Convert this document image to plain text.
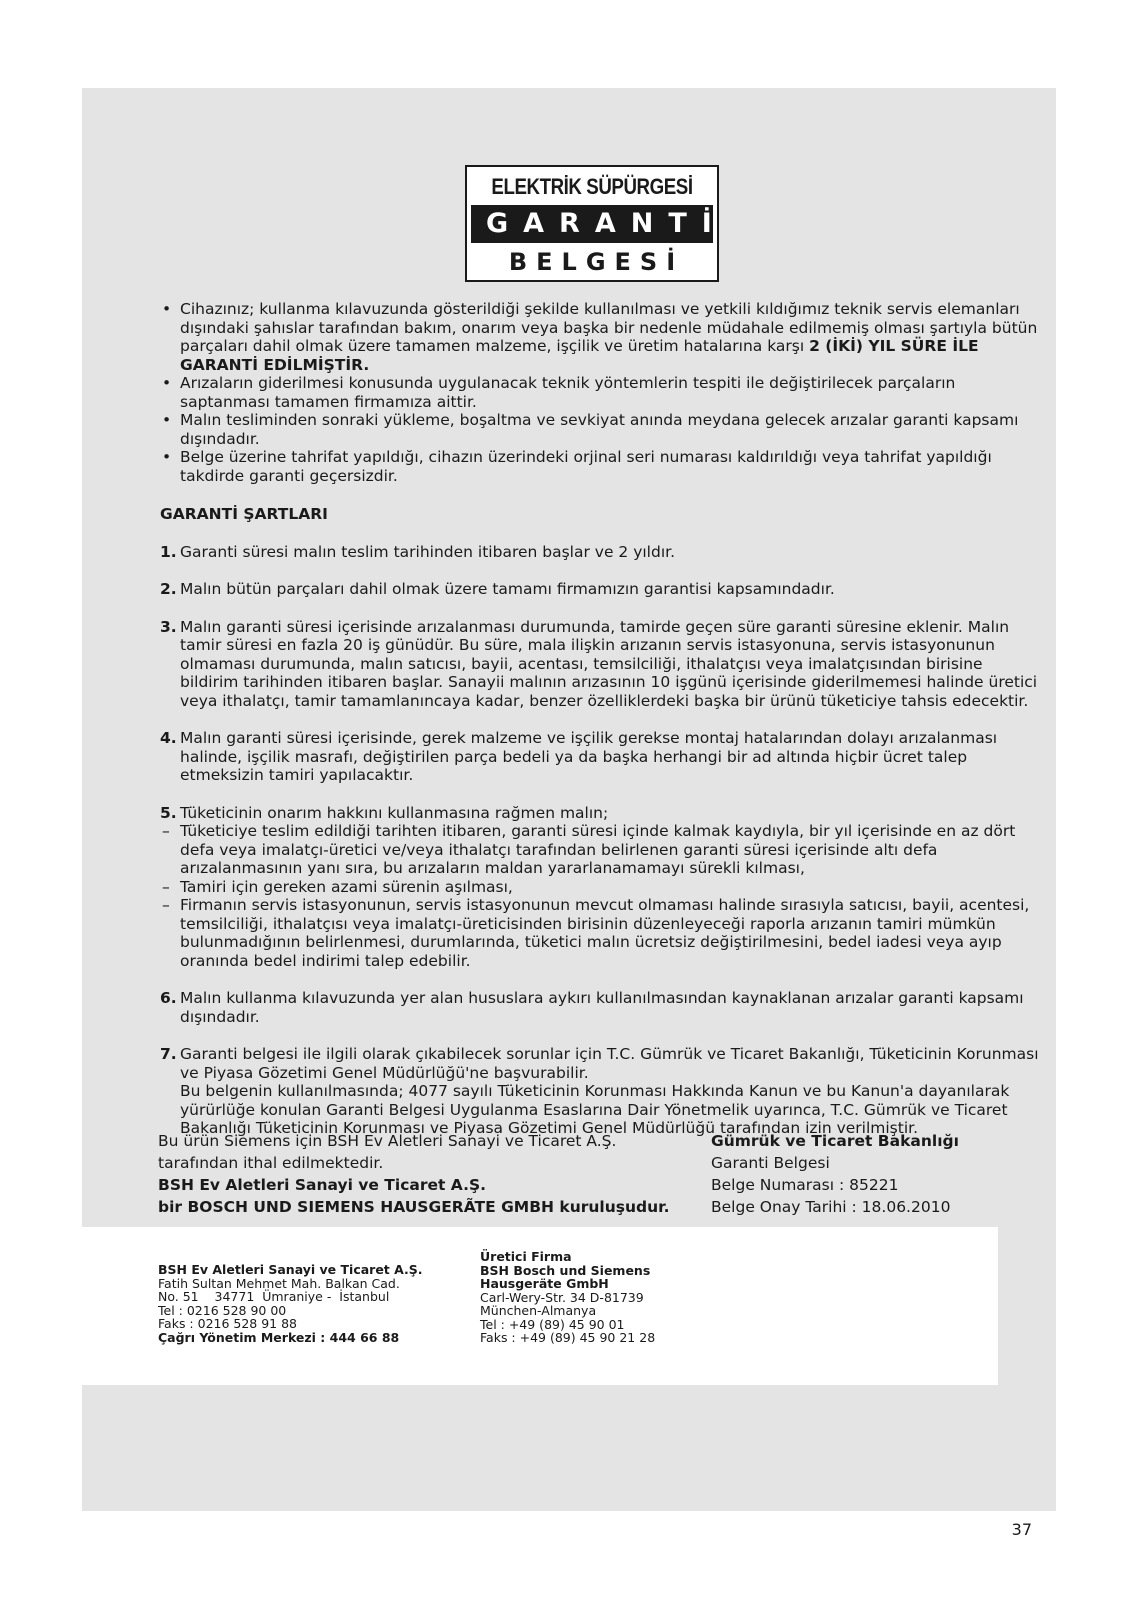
ELEKTRİK SÜPÜRGESİ
GARANTİ
BELGESİ
• Cihazınız; kullanma kılavuzunda gösterildiği şekilde kullanılması ve yetkili kıldığımız teknik servis elemanları dışındaki şahıslar tarafından bakım, onarım veya başka bir nedenle müdahale edilmemiş olması şartıyla bütün parçaları dahil olmak üzere tamamen malzeme, işçilik ve üretim hatalarına karşı 2 (İKİ) YIL SÜRE İLE GARANTİ EDİLMİŞTİR.
• Arızaların giderilmesi konusunda uygulanacak teknik yöntemlerin tespiti ile değiştirilecek parçaların saptanması tamamen firmamıza aittir.
• Malın tesliminden sonraki yükleme, boşaltma ve sevkiyat anında meydana gelecek arızalar garanti kapsamı dışındadır.
• Belge üzerine tahrifat yapıldığı, cihazın üzerindeki orjinal seri numarası kaldırıldığı veya tahrifat yapıldığı takdirde garanti geçersizdir.
GARANTİ ŞARTLARI
1. Garanti süresi malın teslim tarihinden itibaren başlar ve 2 yıldır.
2. Malın bütün parçaları dahil olmak üzere tamamı firmamızın garantisi kapsamındadır.
3. Malın garanti süresi içerisinde arızalanması durumunda, tamirde geçen süre garanti süresine eklenir. Malın tamir süresi en fazla 20 iş günüdür. Bu süre, mala ilişkin arızanın servis istasyonuna, servis istasyonunun olmaması durumunda, malın satıcısı, bayii, acentası, temsilciliği, ithalatçısı veya imalatçısından birisine bildirim tarihinden itibaren başlar. Sanayii malının arızasının 10 işgünü içerisinde giderilmemesi halinde üretici veya ithalatçı, tamir tamamlanıncaya kadar, benzer özelliklerdeki başka bir ürünü tüketiciye tahsis edecektir.
4. Malın garanti süresi içerisinde, gerek malzeme ve işçilik gerekse montaj hatalarından dolayı arızalanması halinde, işçilik masrafı, değiştirilen parça bedeli ya da başka herhangi bir ad altında hiçbir ücret talep etmeksizin tamiri yapılacaktır.
5. Tüketicinin onarım hakkını kullanmasına rağmen malın;
– Tüketiciye teslim edildiği tarihten itibaren, garanti süresi içinde kalmak kaydıyla, bir yıl içerisinde en az dört defa veya imalatçı-üretici ve/veya ithalatçı tarafından belirlenen garanti süresi içerisinde altı defa arızalanmasının yanı sıra, bu arızaların maldan yararlanamamayı sürekli kılması,
– Tamiri için gereken azami sürenin aşılması,
– Firmanın servis istasyonunun, servis istasyonunun mevcut olmaması halinde sırasıyla satıcısı, bayii, acentesi, temsilciliği, ithalatçısı veya imalatçı-üreticisinden birisinin düzenleyeceği raporla arızanın tamiri mümkün bulunmadığının belirlenmesi, durumlarında, tüketici malın ücretsiz değiştirilmesini, bedel iadesi veya ayıp oranında bedel indirimi talep edebilir.
6. Malın kullanma kılavuzunda yer alan hususlara aykırı kullanılmasından kaynaklanan arızalar garanti kapsamı dışındadır.
7. Garanti belgesi ile ilgili olarak çıkabilecek sorunlar için T.C. Gümrük ve Ticaret Bakanlığı, Tüketicinin Korunması ve Piyasa Gözetimi Genel Müdürlüğü'ne başvurabilir.
Bu belgenin kullanılmasında; 4077 sayılı Tüketicinin Korunması Hakkında Kanun ve bu Kanun'a dayanılarak yürürlüğe konulan Garanti Belgesi Uygulanma Esaslarına Dair Yönetmelik uyarınca, T.C. Gümrük ve Ticaret Bakanlığı Tüketicinin Korunması ve Piyasa Gözetimi Genel Müdürlüğü tarafından izin verilmiştir.
Bu ürün Siemens için BSH Ev Aletleri Sanayi ve Ticaret A.Ş.
tarafından ithal edilmektedir.
BSH Ev Aletleri Sanayi ve Ticaret A.Ş.
bir BOSCH UND SIEMENS HAUSGERÃTE GMBH kuruluşudur.
Gümrük ve Ticaret Bakanlığı
Garanti Belgesi
Belge Numarası : 85221
Belge Onay Tarihi : 18.06.2010
BSH Ev Aletleri Sanayi ve Ticaret A.Ş.
Fatih Sultan Mehmet Mah. Balkan Cad.
No. 51    34771  Ümraniye -  İstanbul
Tel : 0216 528 90 00
Faks : 0216 528 91 88
Çağrı Yönetim Merkezi : 444 66 88
Üretici Firma
BSH Bosch und Siemens
Hausgeräte GmbH
Carl-Wery-Str. 34 D-81739
München-Almanya
Tel : +49 (89) 45 90 01
Faks : +49 (89) 45 90 21 28
37
